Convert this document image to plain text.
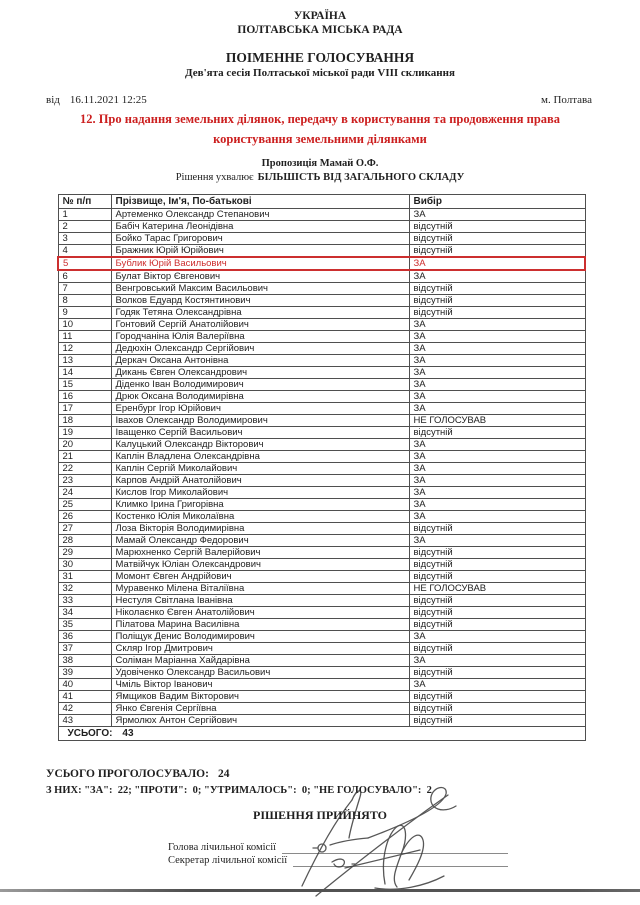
УКРАЇНА
ПОЛТАВСЬКА МІСЬКА РАДА
ПОІМЕННЕ ГОЛОСУВАННЯ
Дев'ята сесія Полтаської міської ради VIII скликання
від 16.11.2021 12:25	м. Полтава
12. Про надання земельних ділянок, передачу в користування та продовження права користування земельними ділянками
Пропозиція Мамай О.Ф.
Рішення ухвалює БІЛЬШІСТЬ ВІД ЗАГАЛЬНОГО СКЛАДУ
№ п/п	Прізвище, Ім'я, По-батькові	Вибір
1	Артеменко Олександр Степанович	ЗА
2	Бабіч Катерина Леонідівна	відсутній
3	Бойко Тарас Григорович	відсутній
4	Бражник Юрій Юрійович	відсутній
5	Бублик Юрій Васильович	ЗА
6	Булат Віктор Євгенович	ЗА
7	Венгровський Максим Васильович	відсутній
8	Волков Едуард Костянтинович	відсутній
9	Годяк Тетяна Олександрівна	відсутній
10	Гонтовий Сергій Анатолійович	ЗА
11	Городчаніна Юлія Валеріївна	ЗА
12	Дедюхін Олександр Сергійович	ЗА
13	Деркач Оксана Антонівна	ЗА
14	Дикань Євген Олександрович	ЗА
15	Діденко Іван Володимирович	ЗА
16	Дрюк Оксана Володимирівна	ЗА
17	Еренбург Ігор Юрійович	ЗА
18	Івахов Олександр Володимирович	НЕ ГОЛОСУВАВ
19	Іващенко Сергій Васильович	відсутній
20	Калуцький Олександр Вікторович	ЗА
21	Каплін Владлена Олександрівна	ЗА
22	Каплін Сергій Миколайович	ЗА
23	Карпов Андрій Анатолійович	ЗА
24	Кислов Ігор Миколайович	ЗА
25	Климко Ірина Григорівна	ЗА
26	Костенко Юлія Миколаївна	ЗА
27	Лоза Вікторія Володимирівна	відсутній
28	Мамай Олександр Федорович	ЗА
29	Марюхненко Сергій Валерійович	відсутній
30	Матвійчук Юліан Олександрович	відсутній
31	Момонт Євген Андрійович	відсутній
32	Муравенко Мілена Віталіївна	НЕ ГОЛОСУВАВ
33	Нестуля Світлана Іванівна	відсутній
34	Ніколаєнко Євген Анатолійович	відсутній
35	Пілатова Марина Василівна	відсутній
36	Поліщук Денис Володимирович	ЗА
37	Скляр Ігор Дмитрович	відсутній
38	Соліман Маріанна Хайдарівна	ЗА
39	Удовіченко Олександр Васильович	відсутній
40	Чміль Віктор Іванович	ЗА
41	Ямщиков Вадим Вікторович	відсутній
42	Янко Євгенія Сергіївна	відсутній
43	Ярмолюх Антон Сергійович	відсутній
УСЬОГО: 43		
УСЬОГО ПРОГОЛОСУВАЛО: 24
З НИХ: "ЗА":  22; "ПРОТИ":  0; "УТРИМАЛОСЬ":  0; "НЕ ГОЛОСУВАЛО":  2
РІШЕННЯ ПРИЙНЯТО
Голова лічильної комісії
Секретар лічильної комісії
